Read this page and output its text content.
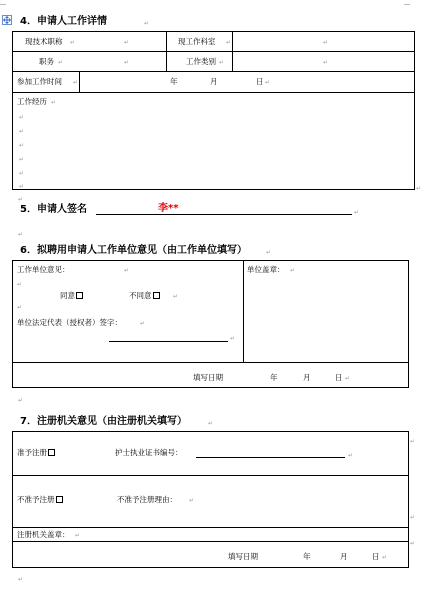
4．申请人工作详情	↵
现技术职称 ↵	↵	现工作科室 ↵	↵
职务 ↵	↵	工作类别 ↵	↵
参加工作时间 ↵	年	月	日 ↵
工作经历 ↵
↵
↵
↵
↵
↵
↵	↵
↵
5．申请人签名	李**	↵
↵
6．拟聘用申请人工作单位意见（由工作单位填写）	↵
工作单位意见：	↵
↵
同意	不同意	↵
↵
单位法定代表（授权者）签字：	↵
↵
单位盖章： ↵
填写日期	年	月	日 ↵
↵
7．注册机关意见（由注册机关填写）	↵
↵
准予注册	护士执业证书编号：	↵
不准予注册	不准予注册理由： ↵
↵
注册机关盖章： ↵
填写日期	年	月	日 ↵
↵
↵
